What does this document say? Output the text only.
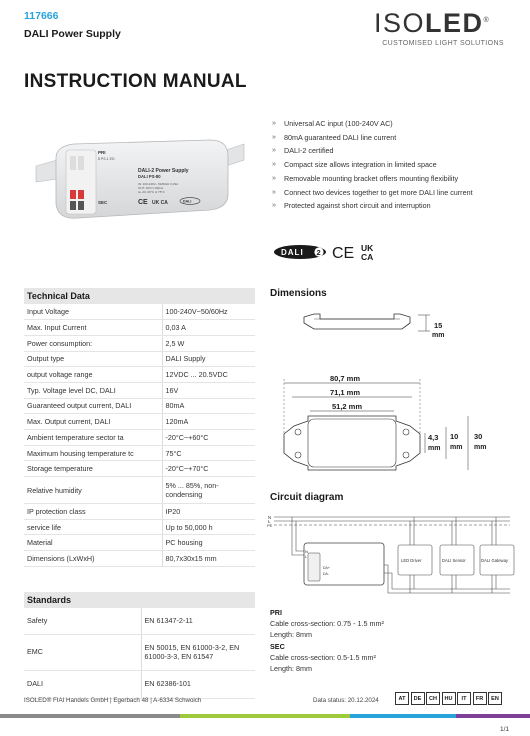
117666
DALI Power Supply	ISOLED®
CUSTOMISED LIGHT SOLUTIONS
INSTRUCTION MANUAL
PRI
8 PS-1 ED
SEC
DALI-2 Power Supply
DALI PS-80
IN: 100-240V~ 50/60Hz 0,03A
OUT: 16V== 80mA
ta -20..60°C tc 75°C
CE UK CA	DALI
» Universal AC input (100-240V AC)
» 80mA guaranteed DALI line current
» DALI-2 certified
» Compact size allows integration in limited space
» Removable mounting bracket offers mounting flexibility
» Connect two devices together to get more DALI line current
» Protected against short circuit and interruption
DALI 2 CE UK
CA
Technical Data	
Input Voltage	100-240V~50/60Hz
Max. Input Current	0,03 A
Power consumption:	2,5 W
Output type	DALI Supply
output voltage range	12VDC ... 20.5VDC
Typ. Voltage level DC, DALI	16V
Guaranteed output current, DALI	80mA
Max. Output current, DALI	120mA
Ambient temperature sector ta	-20°C~+60°C
Maximum housing temperature tc	75°C
Storage temperature	-20°C~+70°C
Relative humidity	5% ... 85%, non-condensing
IP protection class	IP20
service life	Up to 50,000 h
Material	PC housing
Dimensions (LxWxH)	80,7x30x15 mm
Standards	
Safety	EN 61347-2-11
EMC	EN 50015, EN 61000-3-2, EN 61000-3-3, EN 61547
DALI	EN 62386-101
Dimensions
15
mm
80,7 mm
71,1 mm
51,2 mm
4,3
mm
10
mm
30
mm
Circuit diagram
N
L
PE
N
L
DA+
DA-
LED Driver	DALI Sensor	DALI Gateway
PRI
Cable cross-section: 0.75 - 1.5 mm²
Length: 8mm
SEC
Cable cross-section: 0.5-1.5 mm²
Length: 8mm
ISOLED® FIAI Handels GmbH | Egerbach 48 | A-6334 Schwoich	Data status: 20.12.2024	AT	DE	CH	HU	IT	FR	EN
1/1
